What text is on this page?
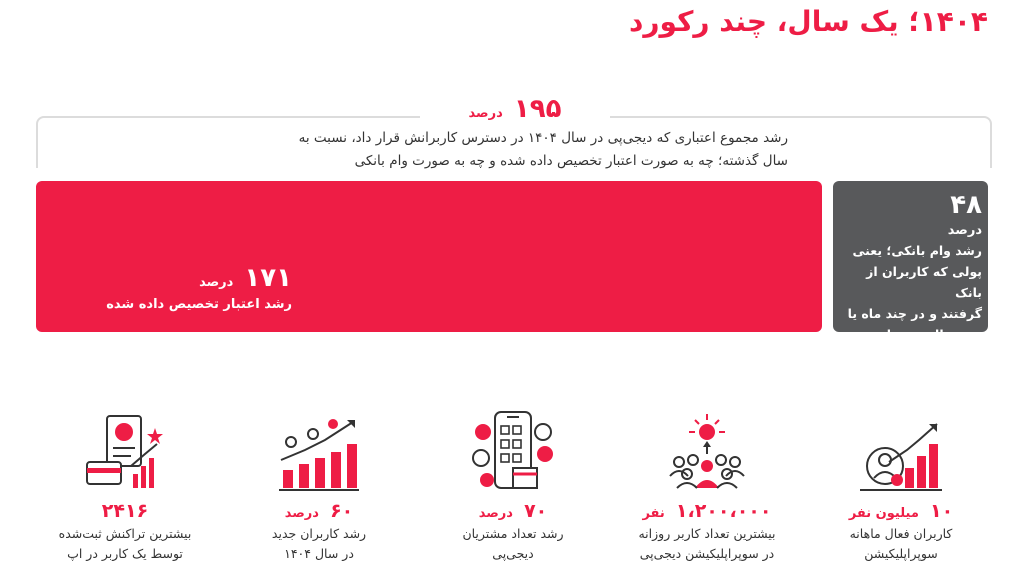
۱۴۰۴؛ یک سال، چند رکورد
۱۹۵ درصد
رشد مجموع اعتباری که دیجی‌پی در سال ۱۴۰۴ در دسترس کاربرانش قرار داد، نسبت به
سال گذشته؛ چه به صورت اعتبار تخصیص داده شده و چه به صورت وام بانکی
۱۷۱ درصد
رشد اعتبار تخصیص داده شده
۴۸
درصد
رشد وام بانکی؛ یعنی
پولی که کاربران از بانک
گرفتند و در چند ماه یا
چند سال پس دادند
۱۰ میلیون نفر
کاربران فعال ماهانه
سوپراپلیکیشن
۱،۲۰۰،۰۰۰ نفر
بیشترین تعداد کاربر روزانه
در سوپراپلیکیشن دیجی‌پی
۷۰ درصد
رشد تعداد مشتریان
دیجی‌پی
۶۰ درصد
رشد کاربران جدید
در سال ۱۴۰۴
۲۴۱۶
بیشترین تراکنش ثبت‌شده
توسط یک کاربر در اپ
